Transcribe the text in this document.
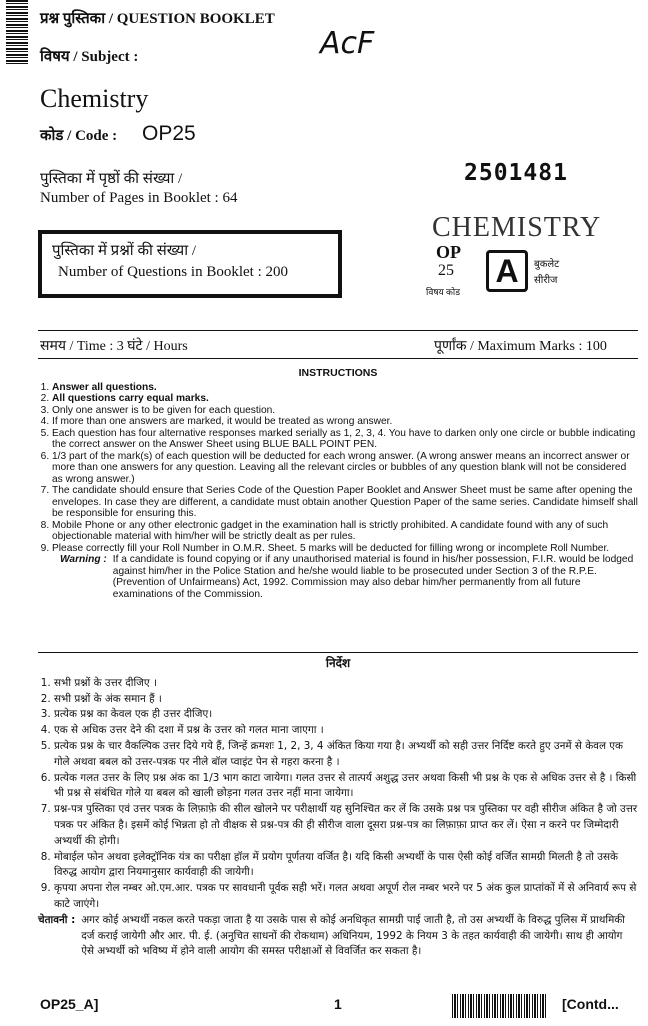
प्रश्न पुस्तिका / QUESTION BOOKLET
विषय / Subject :
Chemistry
कोड / Code : OP25
AcF
2501481
पुस्तिका में पृष्ठों की संख्या /
Number of Pages in Booklet : 64
पुस्तिका में प्रश्नों की संख्या /
Number of Questions in Booklet : 200
CHEMISTRY
OP
25
विषय कोड
A	बुकलेट
सीरीज
समय / Time : 3 घंटे / Hours	पूर्णांक / Maximum Marks : 100
INSTRUCTIONS
1. Answer all questions.
2. All questions carry equal marks.
3. Only one answer is to be given for each question.
4. If more than one answers are marked, it would be treated as wrong answer.
5. Each question has four alternative responses marked serially as 1, 2, 3, 4. You have to darken only one circle or bubble indicating the correct answer on the Answer Sheet using BLUE BALL POINT PEN.
6. 1/3 part of the mark(s) of each question will be deducted for each wrong answer. (A wrong answer means an incorrect answer or more than one answers for any question. Leaving all the relevant circles or bubbles of any question blank will not be considered as wrong answer.)
7. The candidate should ensure that Series Code of the Question Paper Booklet and Answer Sheet must be same after opening the envelopes. In case they are different, a candidate must obtain another Question Paper of the same series. Candidate himself shall be responsible for ensuring this.
8. Mobile Phone or any other electronic gadget in the examination hall is strictly prohibited. A candidate found with any of such objectionable material with him/her will be strictly dealt as per rules.
9. Please correctly fill your Roll Number in O.M.R. Sheet. 5 marks will be deducted for filling wrong or incomplete Roll Number.
Warning : If a candidate is found copying or if any unauthorised material is found in his/her possession, F.I.R. would be lodged against him/her in the Police Station and he/she would liable to be prosecuted under Section 3 of the R.P.E. (Prevention of Unfairmeans) Act, 1992. Commission may also debar him/her permanently from all future examinations of the Commission.
निर्देश
1. सभी प्रश्नों के उत्तर दीजिए ।
2. सभी प्रश्नों के अंक समान हैं ।
3. प्रत्येक प्रश्न का केवल एक ही उत्तर दीजिए।
4. एक से अधिक उत्तर देने की दशा में प्रश्न के उत्तर को गलत माना जाएगा ।
5. प्रत्येक प्रश्न के चार वैकल्पिक उत्तर दिये गये हैं, जिन्हें क्रमशः 1, 2, 3, 4 अंकित किया गया है। अभ्यर्थी को सही उत्तर निर्दिष्ट करते हुए उनमें से केवल एक गोले अथवा बबल को उत्तर-पत्रक पर नीले बॉल प्वाइंट पेन से गहरा करना है ।
6. प्रत्येक गलत उत्तर के लिए प्रश्न अंक का 1/3 भाग काटा जायेगा। गलत उत्तर से तात्पर्य अशुद्ध उत्तर अथवा किसी भी प्रश्न के एक से अधिक उत्तर से है । किसी भी प्रश्न से संबंधित गोले या बबल को खाली छोड़ना गलत उत्तर नहीं माना जायेगा।
7. प्रश्न-पत्र पुस्तिका एवं उत्तर पत्रक के लिफ़ाफ़े की सील खोलने पर परीक्षार्थी यह सुनिश्चित कर लें कि उसके प्रश्न पत्र पुस्तिका पर वही सीरीज अंकित है जो उत्तर पत्रक पर अंकित है। इसमें कोई भिन्नता हो तो वीक्षक से प्रश्न-पत्र की ही सीरीज वाला दूसरा प्रश्न-पत्र का लिफ़ाफ़ा प्राप्त कर लें। ऐसा न करने पर जिम्मेदारी अभ्यर्थी की होगी।
8. मोबाईल फोन अथवा इलेक्ट्रॉनिक यंत्र का परीक्षा हॉल में प्रयोग पूर्णतया वर्जित है। यदि किसी अभ्यर्थी के पास ऐसी कोई वर्जित सामग्री मिलती है तो उसके विरुद्ध आयोग द्वारा नियमानुसार कार्यवाही की जायेगी।
9. कृपया अपना रोल नम्बर ओ.एम.आर. पत्रक पर सावधानी पूर्वक सही भरें। गलत अथवा अपूर्ण रोल नम्बर भरने पर 5 अंक कुल प्राप्तांकों में से अनिवार्य रूप से काटे जाएंगे।
चेतावनी : अगर कोई अभ्यर्थी नकल करते पकड़ा जाता है या उसके पास से कोई अनधिकृत सामग्री पाई जाती है, तो उस अभ्यर्थी के विरुद्ध पुलिस में प्राथमिकी दर्ज कराई जायेगी और आर. पी. ई. (अनुचित साधनों की रोकथाम) अधिनियम, 1992 के नियम 3 के तहत कार्यवाही की जायेगी। साथ ही आयोग ऐसे अभ्यर्थी को भविष्य में होने वाली आयोग की समस्त परीक्षाओं से विवर्जित कर सकता है।
OP25_A]	1	[Contd...
